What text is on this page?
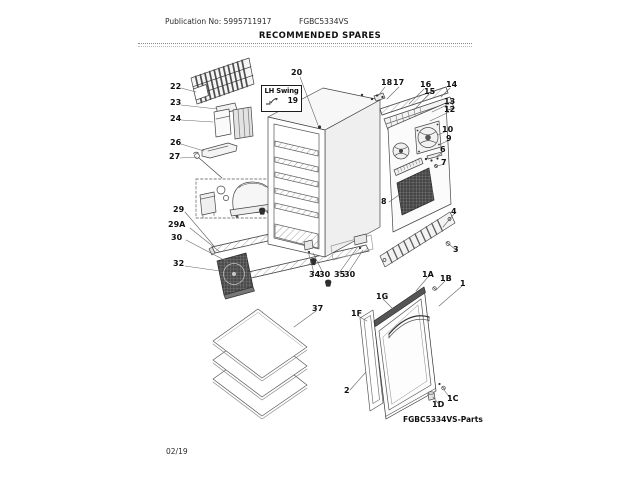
Publication No: 5995711917	FGBC5334VS
RECOMMENDED SPARES
LH Swing
19
22
23
24
26
27
29
29A
30
32
20
18 17 16
15
14
13
12
10
9
6
7
8
4
3
34
30 35
30
37
1A 1B
1
1G
1F
2
1C
1D
FGBC5334VS-Parts
02/19
